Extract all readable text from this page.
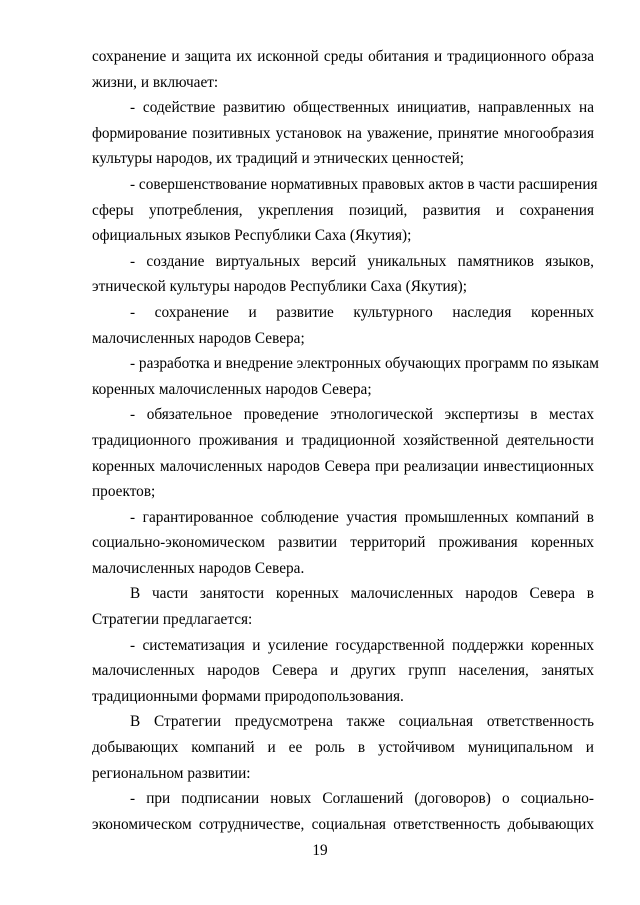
сохранение и защита их исконной среды обитания и традиционного образа
жизни, и включает:
- содействие развитию общественных инициатив, направленных на
формирование позитивных установок на уважение, принятие многообразия
культуры народов, их традиций и этнических ценностей;
- совершенствование нормативных правовых актов в части расширения
сферы употребления, укрепления позиций, развития и сохранения
официальных языков Республики Саха (Якутия);
- создание виртуальных версий уникальных памятников языков,
этнической культуры народов Республики Саха (Якутия);
- сохранение и развитие культурного наследия коренных
малочисленных народов Севера;
- разработка и внедрение электронных обучающих программ по языкам
коренных малочисленных народов Севера;
- обязательное проведение этнологической экспертизы в местах
традиционного проживания и традиционной хозяйственной деятельности
коренных малочисленных народов Севера при реализации инвестиционных
проектов;
- гарантированное соблюдение участия промышленных компаний в
социально-экономическом развитии территорий проживания коренных
малочисленных народов Севера.
В части занятости коренных малочисленных народов Севера в
Стратегии предлагается:
- систематизация и усиление государственной поддержки коренных
малочисленных народов Севера и других групп населения, занятых
традиционными формами природопользования.
В Стратегии предусмотрена также социальная ответственность
добывающих компаний и ее роль в устойчивом муниципальном и
региональном развитии:
- при подписании новых Соглашений (договоров) о социально-
экономическом сотрудничестве, социальная ответственность добывающих
19
